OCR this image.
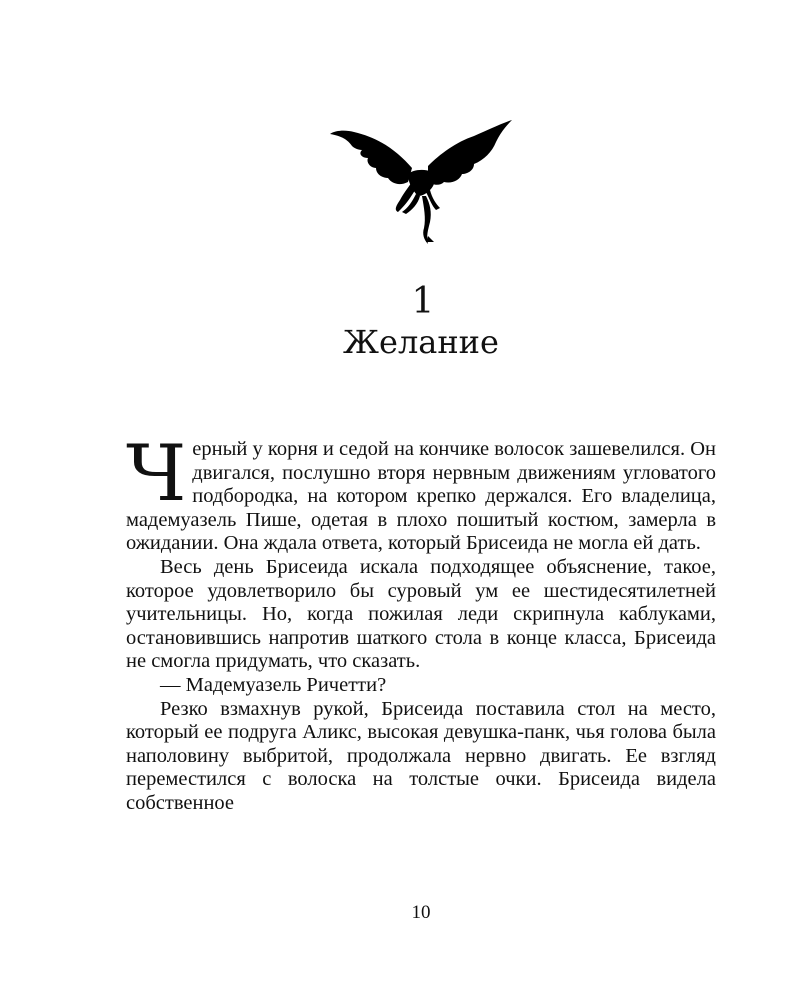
1
Желание

Черный у корня и седой на кончике волосок зашевелился. Он двигался, послушно вторя нервным движениям угловатого подбородка, на котором крепко держался. Его владелица, мадемуазель Пише, одетая в плохо пошитый костюм, замерла в ожидании. Она ждала ответа, который Брисеида не могла ей дать.

Весь день Брисеида искала подходящее объяснение, такое, которое удовлетворило бы суровый ум ее шестидесятилетней учительницы. Но, когда пожилая леди скрипнула каблуками, остановившись напротив шаткого стола в конце класса, Брисеида не смогла придумать, что сказать.

— Мадемуазель Ричетти?

Резко взмахнув рукой, Брисеида поставила стол на место, который ее подруга Аликс, высокая девушка-панк, чья голова была наполовину выбритой, продолжала нервно двигать. Ее взгляд переместился с волоска на толстые очки. Брисеида видела собственное

10
